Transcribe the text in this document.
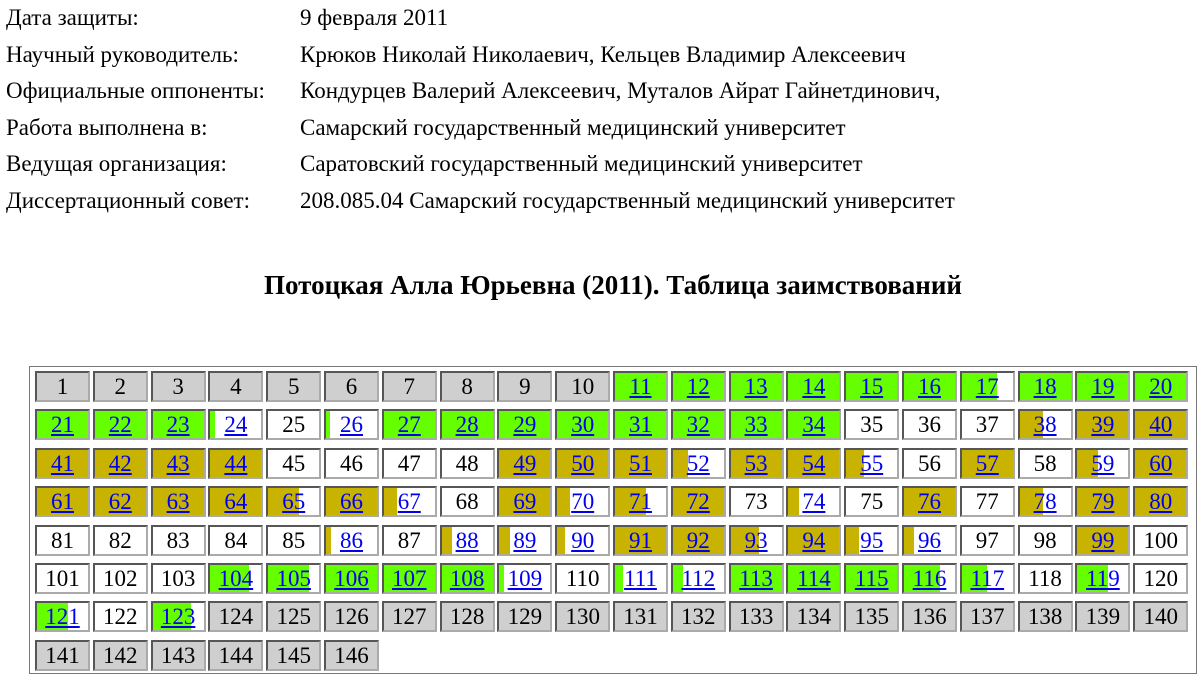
Дата защиты:	9 февраля 2011
Научный руководитель:	Крюков Николай Николаевич, Кельцев Владимир Алексеевич
Официальные оппоненты:	Кондурцев Валерий Алексеевич, Муталов Айрат Гайнетдинович,
Работа выполнена в:	Самарский государственный медицинский университет
Ведущая организация:	Саратовский государственный медицинский университет
Диссертационный совет:	208.085.04 Самарский государственный медицинский университет
Потоцкая Алла Юрьевна (2011). Таблица заимствований
1	2	3	4	5	6	7	8	9	10	11	12	13	14	15	16	17	18	19	20
21	22	23	24	25	26	27	28	29	30	31	32	33	34	35	36	37	38	39	40
41	42	43	44	45	46	47	48	49	50	51	52	53	54	55	56	57	58	59	60
61	62	63	64	65	66	67	68	69	70	71	72	73	74	75	76	77	78	79	80
81	82	83	84	85	86	87	88	89	90	91	92	93	94	95	96	97	98	99	100
101	102	103	104	105	106	107	108	109	110	111	112	113	114	115	116	117	118	119	120
121	122	123	124	125	126	127	128	129	130	131	132	133	134	135	136	137	138	139	140
141	142	143	144	145	146
